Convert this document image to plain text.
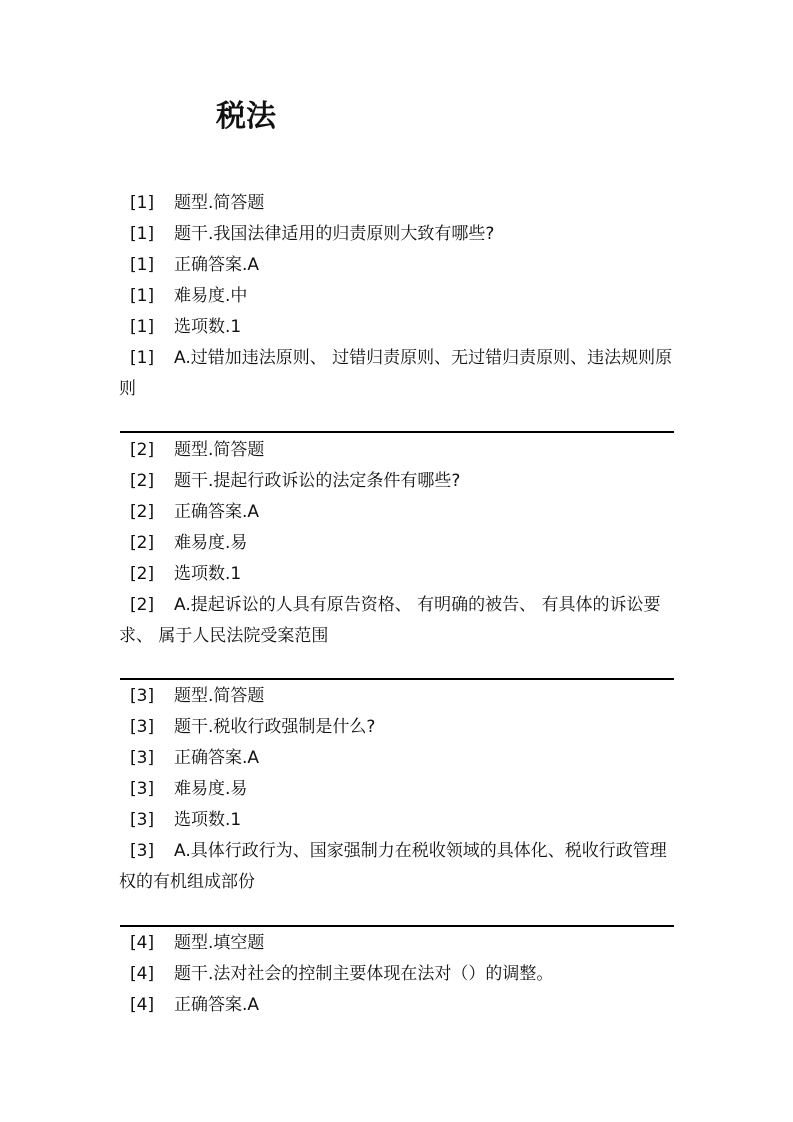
税法

[1] 题型.简答题

[1] 题干.我国法律适用的归责原则大致有哪些?

[1] 正确答案.A

[1] 难易度.中

[1] 选项数.1

[1] A.过错加违法原则、 过错归责原则、无过错归责原则、违法规则原则

[2] 题型.简答题

[2] 题干.提起行政诉讼的法定条件有哪些?

[2] 正确答案.A

[2] 难易度.易

[2] 选项数.1

[2] A.提起诉讼的人具有原告资格、 有明确的被告、 有具体的诉讼要求、 属于人民法院受案范围

[3] 题型.简答题

[3] 题干.税收行政强制是什么?

[3] 正确答案.A

[3] 难易度.易

[3] 选项数.1

[3] A.具体行政行为、国家强制力在税收领域的具体化、税收行政管理权的有机组成部份

[4] 题型.填空题

[4] 题干.法对社会的控制主要体现在法对（）的调整。

[4] 正确答案.A
